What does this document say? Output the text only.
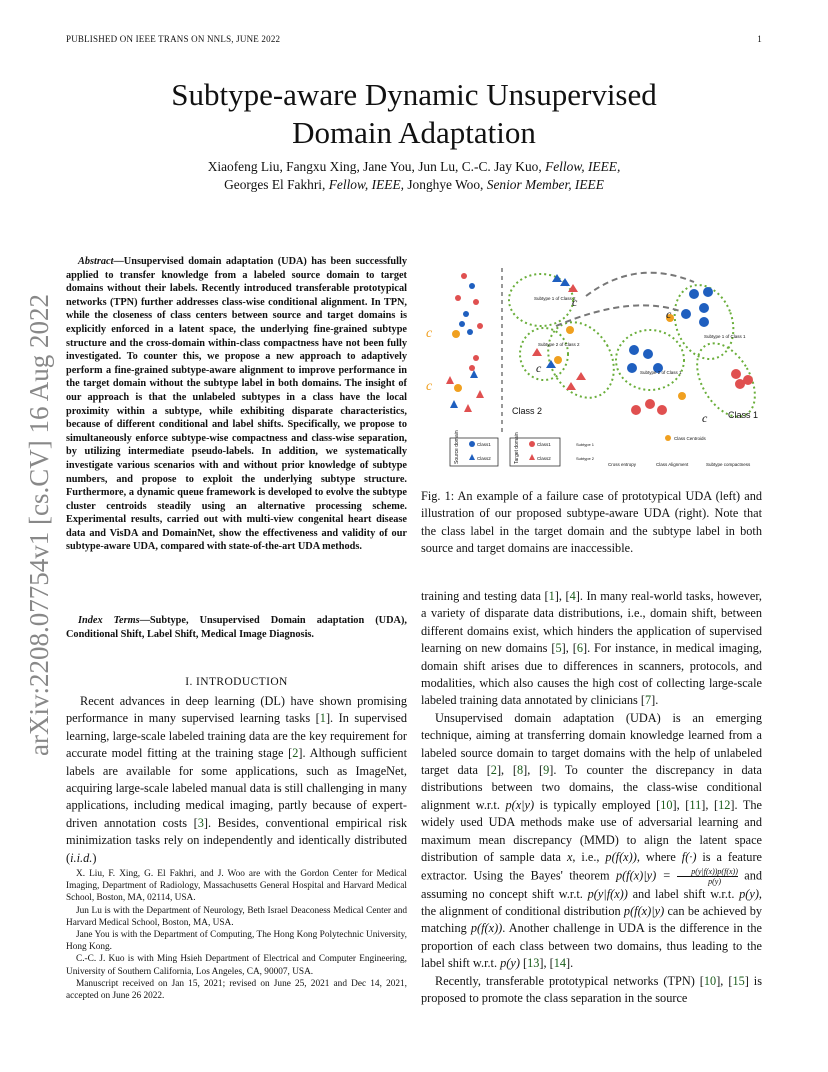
PUBLISHED ON IEEE TRANS ON NNLS, JUNE 2022	1
arXiv:2208.07754v1 [cs.CV] 16 Aug 2022
Subtype-aware Dynamic Unsupervised
Domain Adaptation
Xiaofeng Liu, Fangxu Xing, Jane You, Jun Lu, C.-C. Jay Kuo, Fellow, IEEE,
Georges El Fakhri, Fellow, IEEE, Jonghye Woo, Senior Member, IEEE
Abstract—Unsupervised domain adaptation (UDA) has been successfully applied to transfer knowledge from a labeled source domain to target domains without their labels. Recently introduced transferable prototypical networks (TPN) further addresses class-wise conditional alignment. In TPN, while the closeness of class centers between source and target domains is explicitly enforced in a latent space, the underlying fine-grained subtype structure and the cross-domain within-class compactness have not been fully investigated. To counter this, we propose a new approach to adaptively perform a fine-grained subtype-aware alignment to improve performance in the target domain without the subtype label in both domains. The insight of our approach is that the unlabeled subtypes in a class have the local proximity within a subtype, while exhibiting disparate characteristics, because of different conditional and label shifts. Specifically, we propose to simultaneously enforce subtype-wise compactness and class-wise separation, by utilizing intermediate pseudo-labels. In addition, we systematically investigate various scenarios with and without prior knowledge of subtype numbers, and propose to exploit the underlying subtype structure. Furthermore, a dynamic queue framework is developed to evolve the subtype cluster centroids steadily using an alternative processing scheme. Experimental results, carried out with multi-view congenital heart disease data and VisDA and DomainNet, show the effectiveness and validity of our subtype-aware UDA, compared with state-of-the-art UDA methods.
Index Terms—Subtype, Unsupervised Domain adaptation (UDA), Conditional Shift, Label Shift, Medical Image Diagnosis.
I. INTRODUCTION

Recent advances in deep learning (DL) have shown promising performance in many supervised learning tasks [1]. In supervised learning, large-scale labeled training data are the key requirement for accurate model fitting at the training stage [2]. Although sufficient labels are available for some applications, such as ImageNet, acquiring large-scale labeled manual data is still challenging in many applications, including medical imaging, partly because of expert-driven annotation costs [3]. Besides, conventional empirical risk minimization tasks rely on independently and identically distributed (i.i.d.)

X. Liu, F. Xing, G. El Fakhri, and J. Woo are with the Gordon Center for Medical Imaging, Department of Radiology, Massachusetts General Hospital and Harvard Medical School, Boston, MA, 02114, USA.

Jun Lu is with the Department of Neurology, Beth Israel Deaconess Medical Center and Harvard Medical School, Boston, MA, USA.

Jane You is with the Department of Computing, The Hong Kong Polytechnic University, Hong Kong.

C.-C. J. Kuo is with Ming Hsieh Department of Electrical and Computer Engineering, University of Southern California, Los Angeles, CA, 90007, USA.

Manuscript received on Jan 15, 2021; revised on June 25, 2021 and Dec 14, 2021, accepted on June 26 2022.

c
c
Class 2	Class 1
c
c
c
c
Subtype 1 of Class 2
Subtype 2 of Class 2
Subtype 1 of Class 1
Subtype 2 of Class 1
Source domain	Class1
Class2	Target domain	Class1
Class2
Subtype 1
Subtype 2
Cross entropy	Class Alignment
Class Centroids
Subtype compactness
Fig. 1: An example of a failure case of prototypical UDA (left) and illustration of our proposed subtype-aware UDA (right). Note that the class label in the target domain and the subtype label in both source and target domains are inaccessible.

training and testing data [1], [4]. In many real-world tasks, however, a variety of disparate data distributions, i.e., domain shift, between different domains exist, which hinders the application of supervised learning on new domains [5], [6]. For instance, in medical imaging, domain shift arises due to differences in scanners, protocols, and modalities, which also causes the high cost of collecting large-scale labeled training data annotated by clinicians [7].

Unsupervised domain adaptation (UDA) is an emerging technique, aiming at transferring domain knowledge learned from a labeled source domain to target domains with the help of unlabeled target data [2], [8], [9]. To counter the discrepancy in data distributions between two domains, the class-wise conditional alignment w.r.t. p(x|y) is typically employed [10], [11], [12]. The widely used UDA methods make use of adversarial learning and maximum mean discrepancy (MMD) to align the latent space distribution of sample data x, i.e., p(f(x)), where f(·) is a feature extractor. Using the Bayes' theorem $p(f(x)|y) = \frac{p(y|f(x))p(f(x))}{p(y)}$ and assuming no concept shift w.r.t. p(y|f(x)) and label shift w.r.t. p(y), the alignment of conditional distribution p(f(x)|y) can be achieved by matching p(f(x)). Another challenge in UDA is the difference in the proportion of each class between two domains, thus leading to the label shift w.r.t. p(y) [13], [14].

Recently, transferable prototypical networks (TPN) [10], [15] is proposed to promote the class separation in the source
